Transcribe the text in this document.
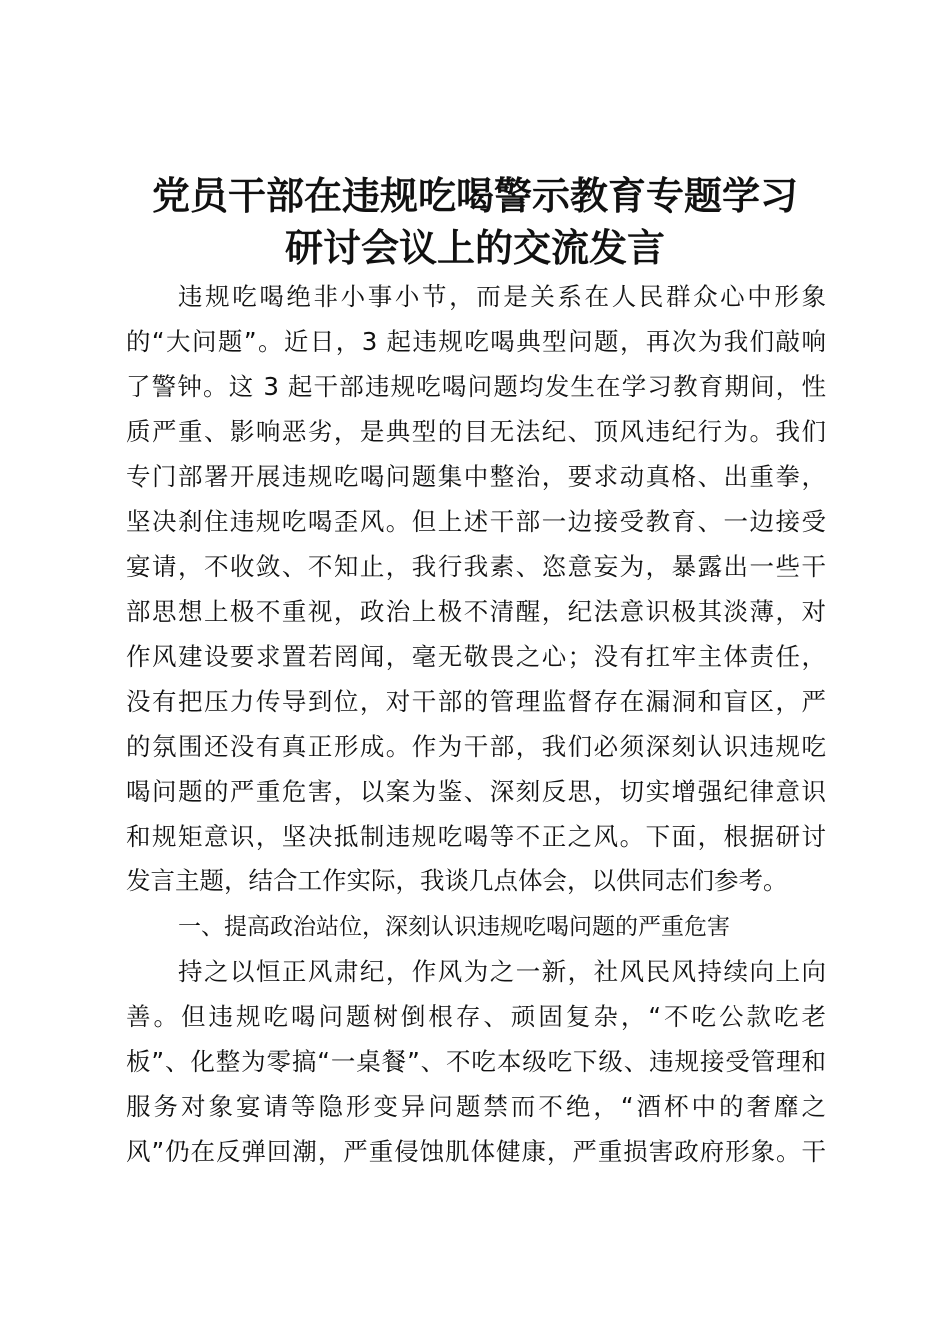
党员干部在违规吃喝警示教育专题学习
研讨会议上的交流发言
违规吃喝绝非小事小节，而是关系在人民群众心中形象
的“大问题”。近日，3 起违规吃喝典型问题，再次为我们敲响
了警钟。这 3 起干部违规吃喝问题均发生在学习教育期间，性
质严重、影响恶劣，是典型的目无法纪、顶风违纪行为。我们
专门部署开展违规吃喝问题集中整治，要求动真格、出重拳，
坚决刹住违规吃喝歪风。但上述干部一边接受教育、一边接受
宴请，不收敛、不知止，我行我素、恣意妄为，暴露出一些干
部思想上极不重视，政治上极不清醒，纪法意识极其淡薄，对
作风建设要求置若罔闻，毫无敬畏之心；没有扛牢主体责任，
没有把压力传导到位，对干部的管理监督存在漏洞和盲区，严
的氛围还没有真正形成。作为干部，我们必须深刻认识违规吃
喝问题的严重危害，以案为鉴、深刻反思，切实增强纪律意识
和规矩意识，坚决抵制违规吃喝等不正之风。下面，根据研讨
发言主题，结合工作实际，我谈几点体会，以供同志们参考。
一、提高政治站位，深刻认识违规吃喝问题的严重危害
持之以恒正风肃纪，作风为之一新，社风民风持续向上向
善。但违规吃喝问题树倒根存、顽固复杂，“不吃公款吃老
板”、化整为零搞“一桌餐”、不吃本级吃下级、违规接受管理和
服务对象宴请等隐形变异问题禁而不绝，“酒杯中的奢靡之
风”仍在反弹回潮，严重侵蚀肌体健康，严重损害政府形象。干
